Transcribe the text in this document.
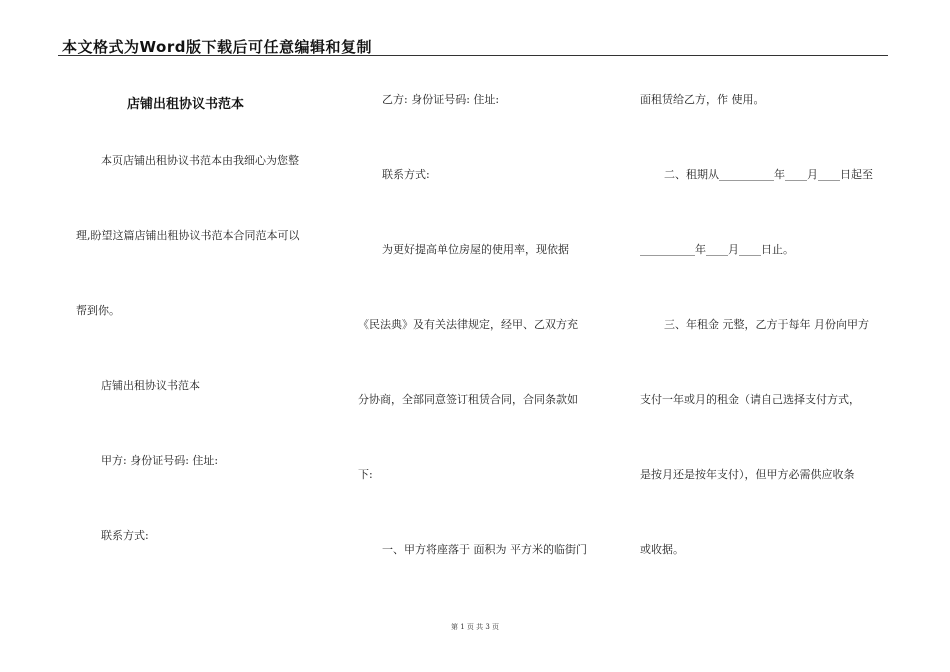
本文格式为Word版下载后可任意编辑和复制
店铺出租协议书范本
本页店铺出租协议书范本由我细心为您整
理,盼望这篇店铺出租协议书范本合同范本可以
帮到你。
店铺出租协议书范本
甲方: 身份证号码: 住址:
联系方式:
乙方: 身份证号码: 住址:
联系方式:
为更好提高单位房屋的使用率，现依据
《民法典》及有关法律规定，经甲、乙双方充
分协商，全部同意签订租赁合同，合同条款如
下:
一、甲方将座落于 面积为 平方米的临街门
面租赁给乙方，作 使用。
二、租期从__________年____月____日起至
__________年____月____日止。
三、年租金 元整，乙方于每年 月份向甲方
支付一年或月的租金（请自己选择支付方式，
是按月还是按年支付），但甲方必需供应收条
或收据。
第 1 页 共 3 页
